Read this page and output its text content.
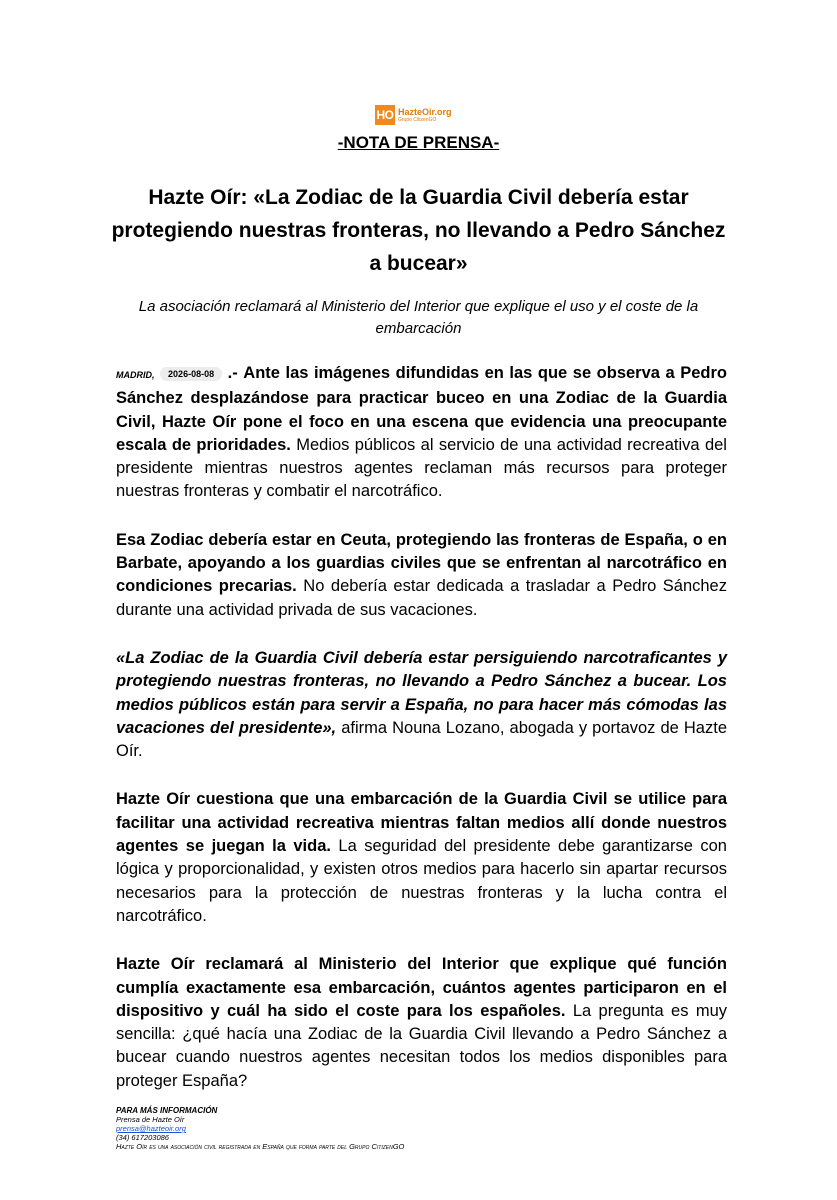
HO HazteOir.org
Grupo CitizenGO
-NOTA DE PRENSA-
Hazte Oír: «La Zodiac de la Guardia Civil debería estar protegiendo nuestras fronteras, no llevando a Pedro Sánchez a bucear»
La asociación reclamará al Ministerio del Interior que explique el uso y el coste de la embarcación

MADRID, 2026-08-08 .- Ante las imágenes difundidas en las que se observa a Pedro Sánchez desplazándose para practicar buceo en una Zodiac de la Guardia Civil, Hazte Oír pone el foco en una escena que evidencia una preocupante escala de prioridades. Medios públicos al servicio de una actividad recreativa del presidente mientras nuestros agentes reclaman más recursos para proteger nuestras fronteras y combatir el narcotráfico.

Esa Zodiac debería estar en Ceuta, protegiendo las fronteras de España, o en Barbate, apoyando a los guardias civiles que se enfrentan al narcotráfico en condiciones precarias. No debería estar dedicada a trasladar a Pedro Sánchez durante una actividad privada de sus vacaciones.

«La Zodiac de la Guardia Civil debería estar persiguiendo narcotraficantes y protegiendo nuestras fronteras, no llevando a Pedro Sánchez a bucear. Los medios públicos están para servir a España, no para hacer más cómodas las vacaciones del presidente», afirma Nouna Lozano, abogada y portavoz de Hazte Oír.

Hazte Oír cuestiona que una embarcación de la Guardia Civil se utilice para facilitar una actividad recreativa mientras faltan medios allí donde nuestros agentes se juegan la vida. La seguridad del presidente debe garantizarse con lógica y proporcionalidad, y existen otros medios para hacerlo sin apartar recursos necesarios para la protección de nuestras fronteras y la lucha contra el narcotráfico.

Hazte Oír reclamará al Ministerio del Interior que explique qué función cumplía exactamente esa embarcación, cuántos agentes participaron en el dispositivo y cuál ha sido el coste para los españoles. La pregunta es muy sencilla: ¿qué hacía una Zodiac de la Guardia Civil llevando a Pedro Sánchez a bucear cuando nuestros agentes necesitan todos los medios disponibles para proteger España?

PARA MÁS INFORMACIÓN
Prensa de Hazte Oír
prensa@hazteoir.org
(34) 617203086
Hazte Oír es una asociación civil registrada en España que forma parte del Grupo CitizenGO
